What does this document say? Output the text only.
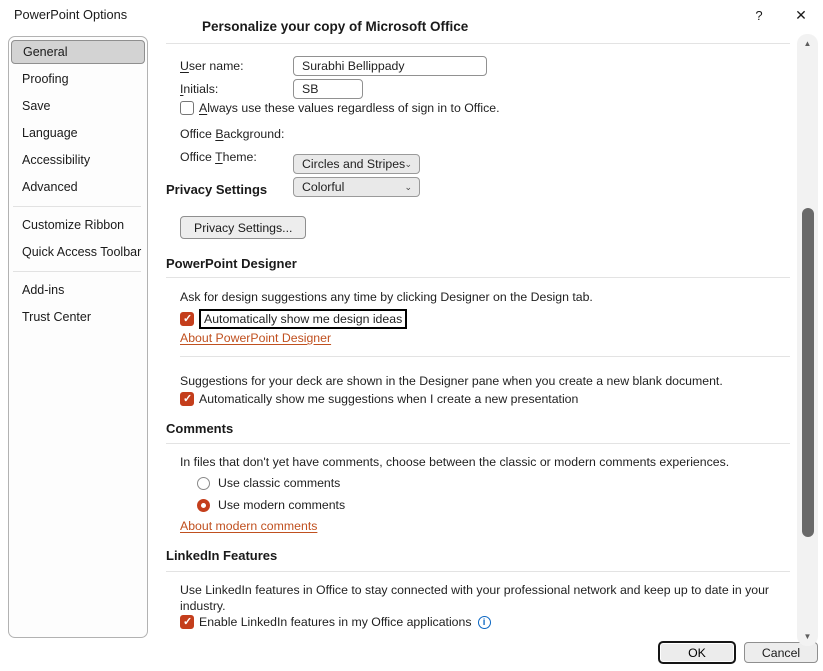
PowerPoint Options	?	✕
General
Proofing
Save
Language
Accessibility
Advanced
Customize Ribbon
Quick Access Toolbar
Add-ins
Trust Center
Personalize your copy of Microsoft Office
User name:
Surabhi Bellippady
Initials:
SB
Always use these values regardless of sign in to Office.
Office Background:
Circles and Stripes ⌄
Office Theme:
Colorful	⌄
Privacy Settings
Privacy Settings...
PowerPoint Designer
Ask for design suggestions any time by clicking Designer on the Design tab.
✓
Automatically show me design ideas
About PowerPoint Designer
Suggestions for your deck are shown in the Designer pane when you create a new blank document.
✓
Automatically show me suggestions when I create a new presentation
Comments
In files that don't yet have comments, choose between the classic or modern comments experiences.
Use classic comments
Use modern comments
About modern comments
LinkedIn Features
Use LinkedIn features in Office to stay connected with your professional network and keep up to date in your industry.
✓
Enable LinkedIn features in my Office applications	i
OK	Cancel
▲
▼
